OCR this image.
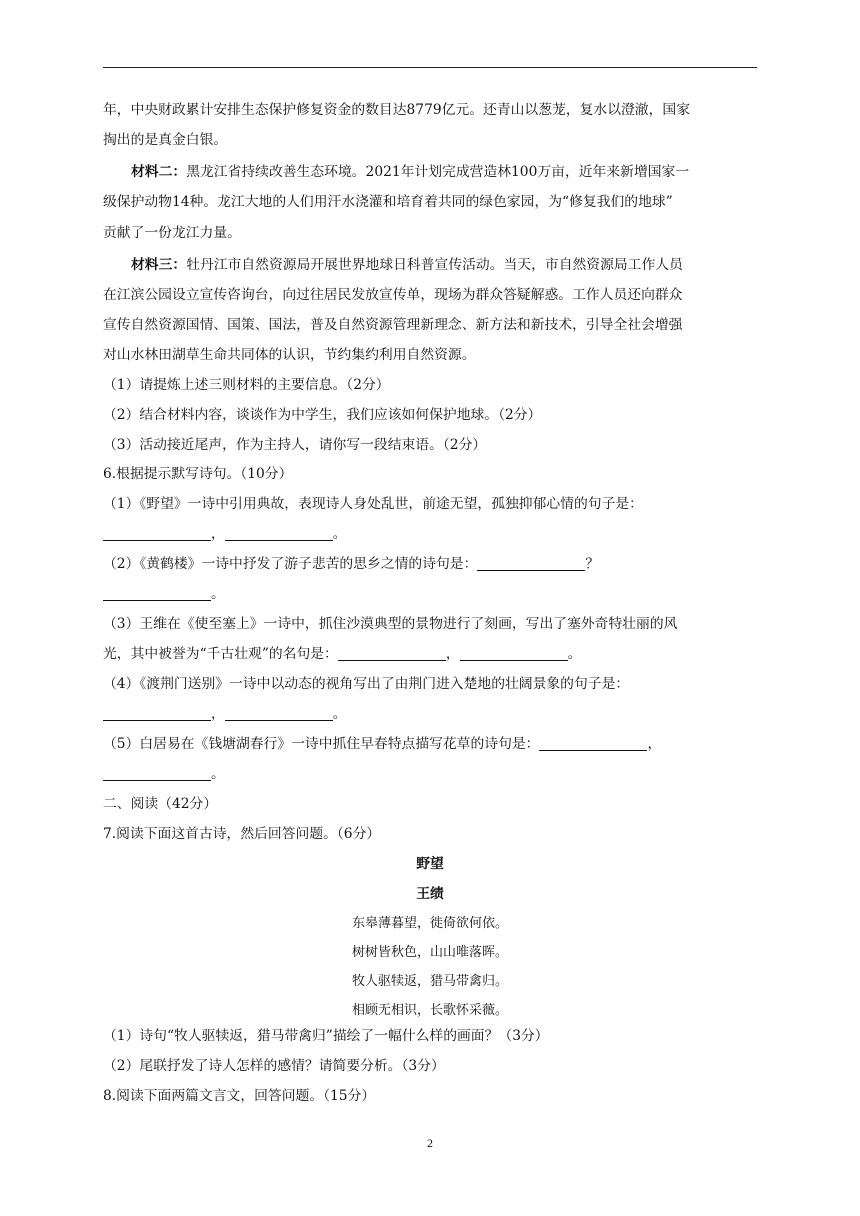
年，中央财政累计安排生态保护修复资金的数目达8779亿元。还青山以葱茏，复水以澄澈，国家
掏出的是真金白银。
材料二：黑龙江省持续改善生态环境。2021年计划完成营造林100万亩，近年来新增国家一
级保护动物14种。龙江大地的人们用汗水浇灌和培育着共同的绿色家园，为“修复我们的地球”
贡献了一份龙江力量。
材料三：牡丹江市自然资源局开展世界地球日科普宣传活动。当天，市自然资源局工作人员
在江滨公园设立宣传咨询台，向过往居民发放宣传单，现场为群众答疑解惑。工作人员还向群众
宣传自然资源国情、国策、国法，普及自然资源管理新理念、新方法和新技术，引导全社会增强
对山水林田湖草生命共同体的认识，节约集约利用自然资源。
（1）请提炼上述三则材料的主要信息。（2分）
（2）结合材料内容，谈谈作为中学生，我们应该如何保护地球。（2分）
（3）活动接近尾声，作为主持人，请你写一段结束语。（2分）
6.根据提示默写诗句。（10分）
（1）《野望》一诗中引用典故，表现诗人身处乱世，前途无望，孤独抑郁心情的句子是：
，	。
（2）《黄鹤楼》一诗中抒发了游子悲苦的思乡之情的诗句是：	？
。
（3）王维在《使至塞上》一诗中，抓住沙漠典型的景物进行了刻画，写出了塞外奇特壮丽的风
光，其中被誉为“千古壮观”的名句是：	，	。
（4）《渡荆门送别》一诗中以动态的视角写出了由荆门进入楚地的壮阔景象的句子是：
，	。
（5）白居易在《钱塘湖春行》一诗中抓住早春特点描写花草的诗句是：	，
。
二、阅读（42分）
7.阅读下面这首古诗，然后回答问题。（6分）
野望
王绩
东皋薄暮望，徙倚欲何依。
树树皆秋色，山山唯落晖。
牧人驱犊返，猎马带禽归。
相顾无相识，长歌怀采薇。
（1）诗句“牧人驱犊返，猎马带禽归”描绘了一幅什么样的画面？（3分）
（2）尾联抒发了诗人怎样的感情？请简要分析。（3分）
8.阅读下面两篇文言文，回答问题。（15分）
2
